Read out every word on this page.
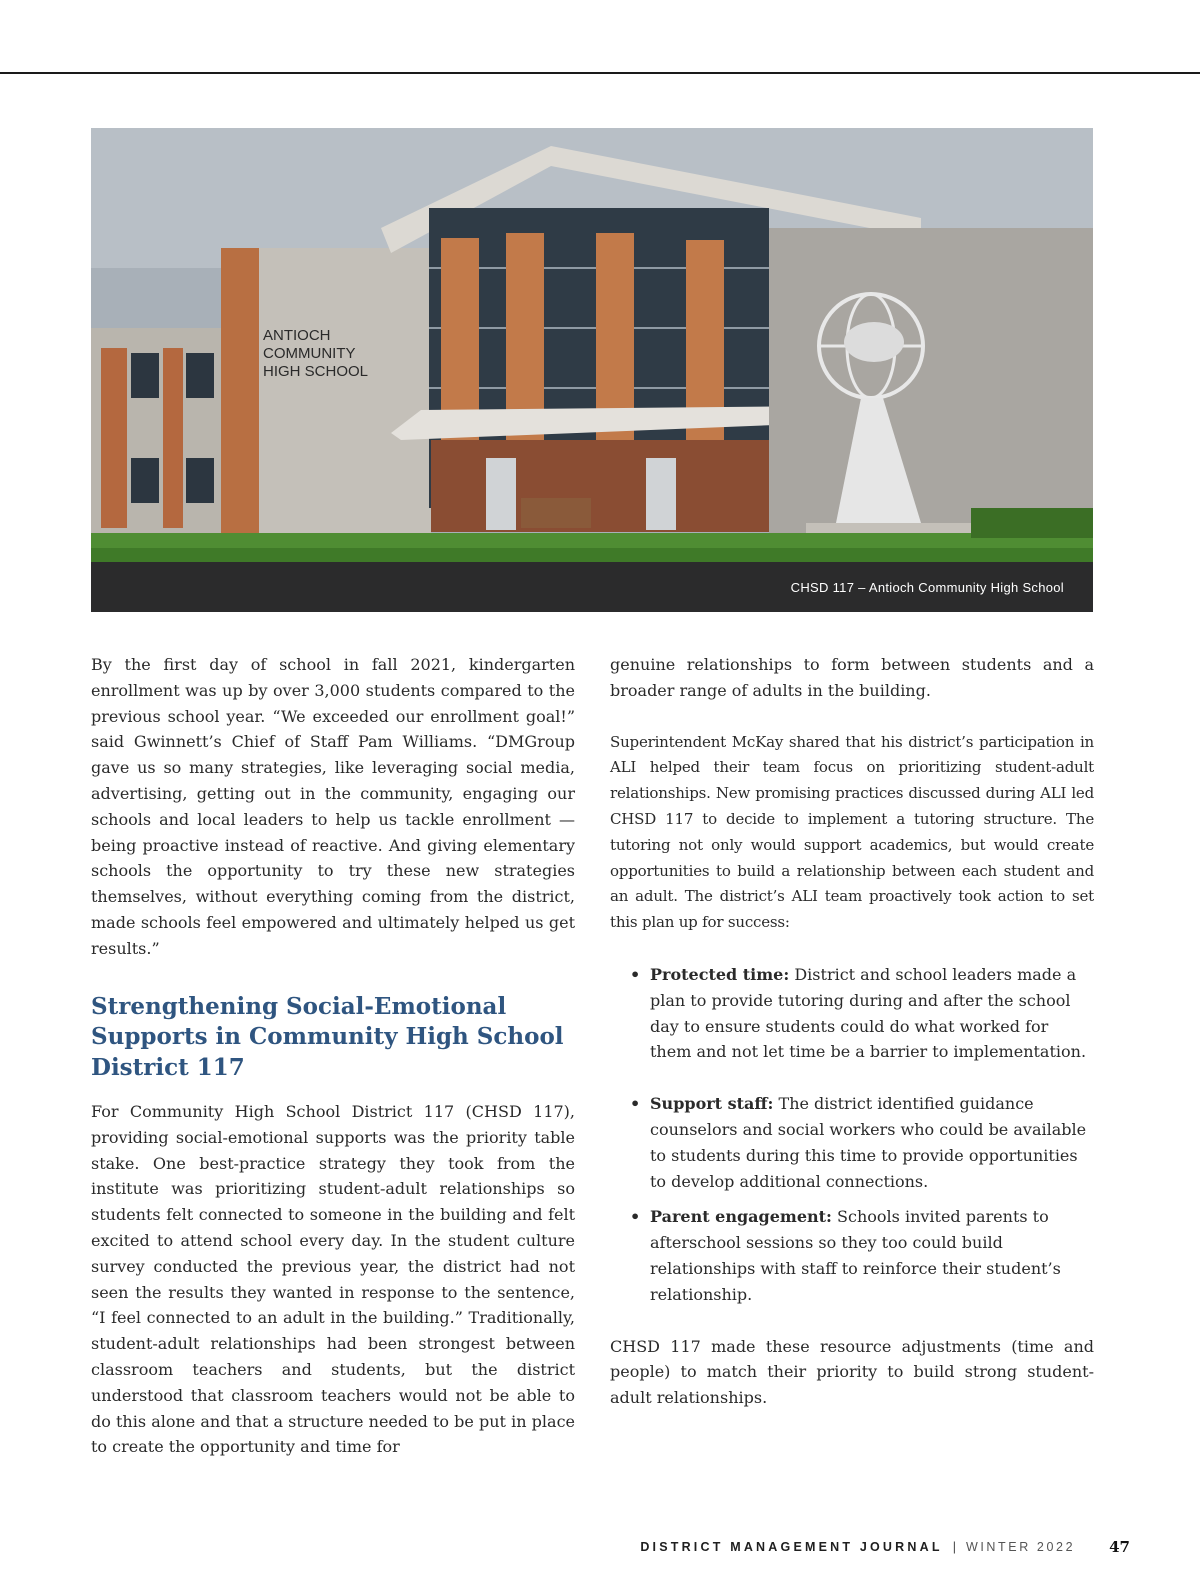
ANTIOCH
COMMUNITY
HIGH SCHOOL
CHSD 117 – Antioch Community High School

By the first day of school in fall 2021, kindergarten enrollment was up by over 3,000 students compared to the previous school year. “We exceeded our enrollment goal!” said Gwinnett’s Chief of Staff Pam Williams. “DMGroup gave us so many strategies, like leveraging social media, advertising, getting out in the community, engaging our schools and local leaders to help us tackle enrollment — being proactive instead of reactive. And giving elementary schools the opportunity to try these new strategies themselves, without everything coming from the district, made schools feel empowered and ultimately helped us get results.”

Strengthening Social-Emotional Supports in Community High School District 117

For Community High School District 117 (CHSD 117), providing social-emotional supports was the priority table stake. One best-practice strategy they took from the institute was prioritizing student-adult relationships so students felt connected to someone in the building and felt excited to attend school every day. In the student culture survey conducted the previous year, the district had not seen the results they wanted in response to the sentence, “I feel connected to an adult in the building.” Traditionally, student-adult relationships had been strongest between classroom teachers and students, but the district understood that classroom teachers would not be able to do this alone and that a structure needed to be put in place to create the opportunity and time for

genuine relationships to form between students and a broader range of adults in the building.

Superintendent McKay shared that his district’s participation in ALI helped their team focus on prioritizing student-adult relationships. New promising practices discussed during ALI led CHSD 117 to decide to implement a tutoring structure. The tutoring not only would support academics, but would create opportunities to build a relationship between each student and an adult. The district’s ALI team proactively took action to set this plan up for success:

• Protected time: District and school leaders made a plan to provide tutoring during and after the school day to ensure students could do what worked for them and not let time be a barrier to implementation.
• Support staff: The district identified guidance counselors and social workers who could be available to students during this time to provide opportunities to develop additional connections.
• Parent engagement: Schools invited parents to afterschool sessions so they too could build relationships with staff to reinforce their student’s relationship.

CHSD 117 made these resource adjustments (time and people) to match their priority to build strong student-adult relationships.

DISTRICT MANAGEMENT JOURNAL | WINTER 2022 47
